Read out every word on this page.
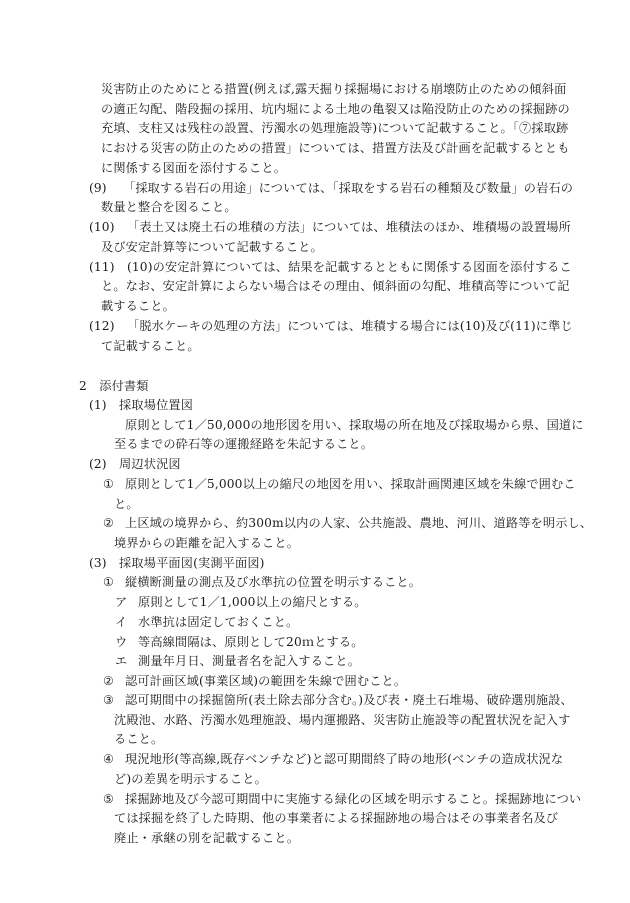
災害防止のためにとる措置(例えば,露天掘り採掘場における崩壊防止のための傾斜面
の適正勾配、階段掘の採用、坑内堀による土地の亀裂又は陥没防止のための採掘跡の
充填、支柱又は残柱の設置、汚濁水の処理施設等)について記載すること。「⑦採取跡
における災害の防止のための措置」については、措置方法及び計画を記載するととも
に関係する図面を添付すること。
(9) 「採取する岩石の用途」については、「採取をする岩石の種類及び数量」の岩石の
数量と整合を図ること。
(10) 「表土又は廃土石の堆積の方法」については、堆積法のほか、堆積場の設置場所
及び安定計算等について記載すること。
(11) (10)の安定計算については、結果を記載するとともに関係する図面を添付するこ
と。なお、安定計算によらない場合はその理由、傾斜面の勾配、堆積高等について記
載すること。
(12) 「脱水ケーキの処理の方法」については、堆積する場合には(10)及び(11)に準じ
て記載すること。
2　添付書類
(1)　採取場位置図
原則として1／50,000の地形図を用い、採取場の所在地及び採取場から県、国道に
至るまでの砕石等の運搬経路を朱記すること。
(2)　周辺状況図
① 原則として1／5,000以上の縮尺の地図を用い、採取計画関連区域を朱線で囲むこ
と。
② 上区域の境界から、約300m以内の人家、公共施設、農地、河川、道路等を明示し、
境界からの距離を記入すること。
(3)　採取場平面図(実測平面図)
① 縦横断測量の測点及び水準抗の位置を明示すること。
ア 原則として1／1,000以上の縮尺とする。
イ 水準抗は固定しておくこと。
ウ 等高線間隔は、原則として20ｍとする。
エ 測量年月日、測量者名を記入すること。
② 認可計画区域(事業区域)の範囲を朱線で囲むこと。
③ 認可期間中の採掘箇所(表土除去部分含む。)及び表・廃土石堆場、破砕選別施設、
沈殿池、水路、汚濁水処理施設、場内運搬路、災害防止施設等の配置状況を記入す
ること。
④ 現況地形(等高線,既存ベンチなど)と認可期間終了時の地形(ベンチの造成状況な
ど)の差異を明示すること。
⑤ 採掘跡地及び今認可期間中に実施する緑化の区域を明示すること。採掘跡地につい
ては採掘を終了した時期、他の事業者による採掘跡地の場合はその事業者名及び
廃止・承継の別を記載すること。
